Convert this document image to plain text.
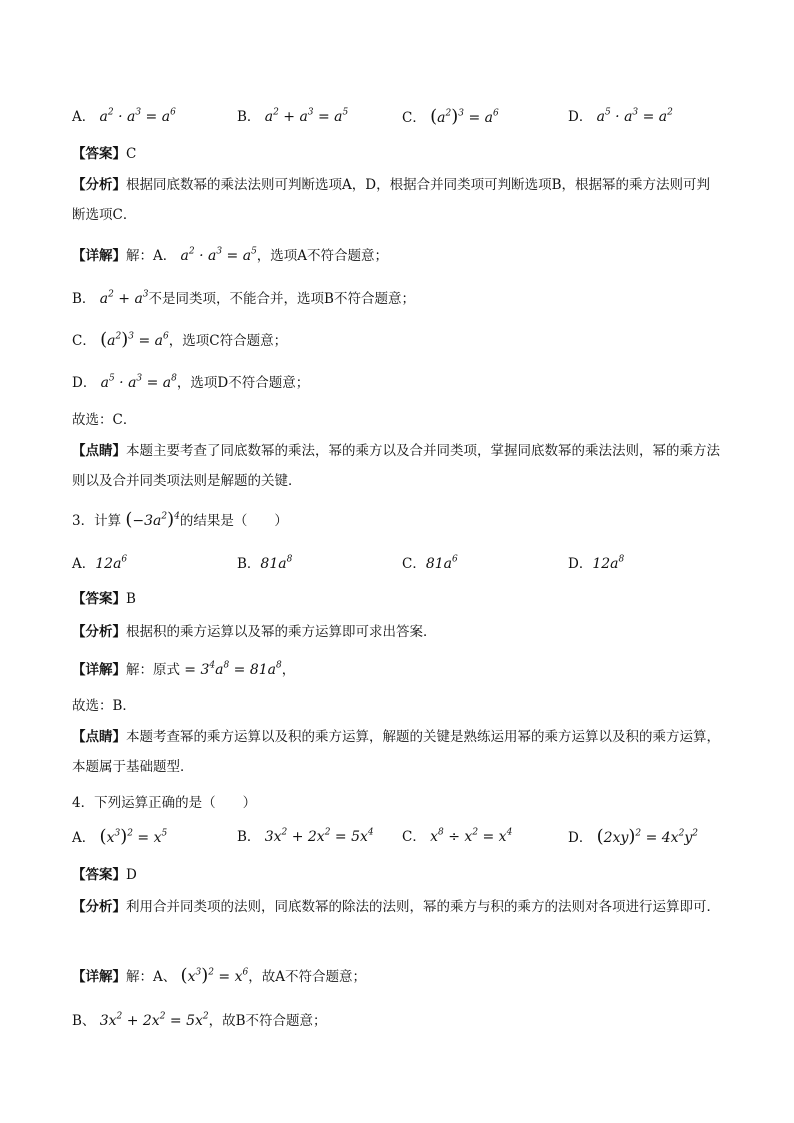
A． $a^2 \cdot a^3 = a^6$	B． $a^2 + a^3 = a^5$	C． $(a^2)^3 = a^6$	D． $a^5 \cdot a^3 = a^2$
【答案】C
【分析】根据同底数幂的乘法法则可判断选项A，D，根据合并同类项可判断选项B，根据幂的乘方法则可判断选项C．
【详解】解：A． $a^2 \cdot a^3 = a^5$，选项A不符合题意；
B． $a^2 + a^3$不是同类项，不能合并，选项B不符合题意；
C． $(a^2)^3 = a^6$，选项C符合题意；
D． $a^5 \cdot a^3 = a^8$，选项D不符合题意；
故选：C．
【点睛】本题主要考查了同底数幂的乘法，幂的乘方以及合并同类项，掌握同底数幂的乘法法则，幂的乘方法则以及合并同类项法则是解题的关键．
3．计算 $(-3a^2)^4$的结果是（　　）
A．$12a^6$	B．$81a^8$	C．$81a^6$	D．$12a^8$
【答案】B
【分析】根据积的乘方运算以及幂的乘方运算即可求出答案．
【详解】解：原式 = $3^4a^8 = 81a^8$，
故选：B．
【点睛】本题考查幂的乘方运算以及积的乘方运算，解题的关键是熟练运用幂的乘方运算以及积的乘方运算，本题属于基础题型．
4．下列运算正确的是（　　）
A． $(x^3)^2 = x^5$	B． $3x^2 + 2x^2 = 5x^4$ C． $x^8 \div x^2 = x^4$	D． $(2xy)^2 = 4x^2y^2$
【答案】D
【分析】利用合并同类项的法则，同底数幂的除法的法则，幂的乘方与积的乘方的法则对各项进行运算即可．
【详解】解：A、 $(x^3)^2 = x^6$，故A不符合题意；
B、 $3x^2 + 2x^2 = 5x^2$，故B不符合题意；
